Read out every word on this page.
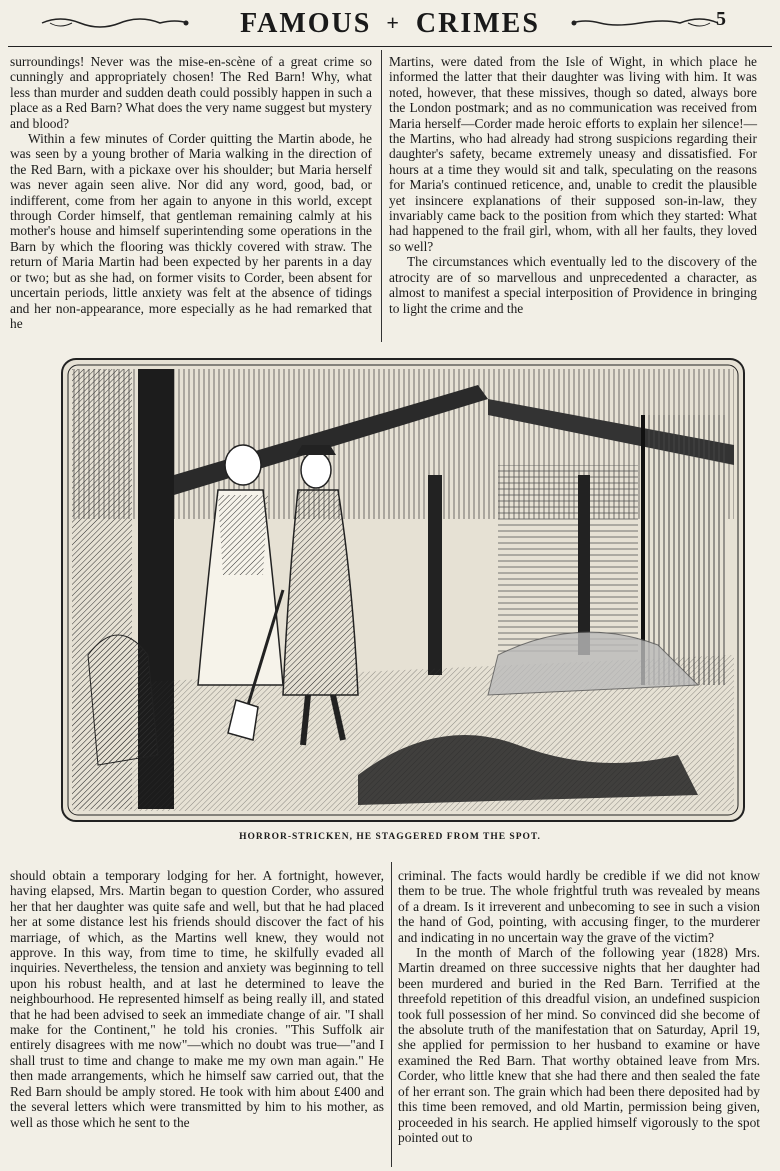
FAMOUS + CRIMES	5

surroundings! Never was the mise-en-scène of a great crime so cunningly and appropriately chosen! The Red Barn! Why, what less than murder and sudden death could possibly happen in such a place as a Red Barn? What does the very name suggest but mystery and blood?

Within a few minutes of Corder quitting the Martin abode, he was seen by a young brother of Maria walking in the direction of the Red Barn, with a pickaxe over his shoulder; but Maria herself was never again seen alive. Nor did any word, good, bad, or indifferent, come from her again to anyone in this world, except through Corder himself, that gentleman remaining calmly at his mother's house and himself superintending some operations in the Barn by which the flooring was thickly covered with straw. The return of Maria Martin had been expected by her parents in a day or two; but as she had, on former visits to Corder, been absent for uncertain periods, little anxiety was felt at the absence of tidings and her non-appearance, more especially as he had remarked that he

Martins, were dated from the Isle of Wight, in which place he informed the latter that their daughter was living with him. It was noted, however, that these missives, though so dated, always bore the London postmark; and as no communication was received from Maria herself—Corder made heroic efforts to explain her silence!—the Martins, who had already had strong suspicions regarding their daughter's safety, became extremely uneasy and dissatisfied. For hours at a time they would sit and talk, speculating on the reasons for Maria's continued reticence, and, unable to credit the plausible yet insincere explanations of their supposed son-in-law, they invariably came back to the position from which they started: What had happened to the frail girl, whom, with all her faults, they loved so well?

The circumstances which eventually led to the discovery of the atrocity are of so marvellous and unprecedented a character, as almost to manifest a special interposition of Providence in bringing to light the crime and the

HORROR-STRICKEN, HE STAGGERED FROM THE SPOT.

should obtain a temporary lodging for her. A fortnight, however, having elapsed, Mrs. Martin began to question Corder, who assured her that her daughter was quite safe and well, but that he had placed her at some distance lest his friends should discover the fact of his marriage, of which, as the Martins well knew, they would not approve. In this way, from time to time, he skilfully evaded all inquiries. Nevertheless, the tension and anxiety was beginning to tell upon his robust health, and at last he determined to leave the neighbourhood. He represented himself as being really ill, and stated that he had been advised to seek an immediate change of air. "I shall make for the Continent," he told his cronies. "This Suffolk air entirely disagrees with me now"—which no doubt was true—"and I shall trust to time and change to make me my own man again." He then made arrangements, which he himself saw carried out, that the Red Barn should be amply stored. He took with him about £400 and the several letters which were transmitted by him to his mother, as well as those which he sent to the

criminal. The facts would hardly be credible if we did not know them to be true. The whole frightful truth was revealed by means of a dream. Is it irreverent and unbecoming to see in such a vision the hand of God, pointing, with accusing finger, to the murderer and indicating in no uncertain way the grave of the victim?

In the month of March of the following year (1828) Mrs. Martin dreamed on three successive nights that her daughter had been murdered and buried in the Red Barn. Terrified at the threefold repetition of this dreadful vision, an undefined suspicion took full possession of her mind. So convinced did she become of the absolute truth of the manifestation that on Saturday, April 19, she applied for permission to her husband to examine or have examined the Red Barn. That worthy obtained leave from Mrs. Corder, who little knew that she had there and then sealed the fate of her errant son. The grain which had been there deposited had by this time been removed, and old Martin, permission being given, proceeded in his search. He applied himself vigorously to the spot pointed out to
